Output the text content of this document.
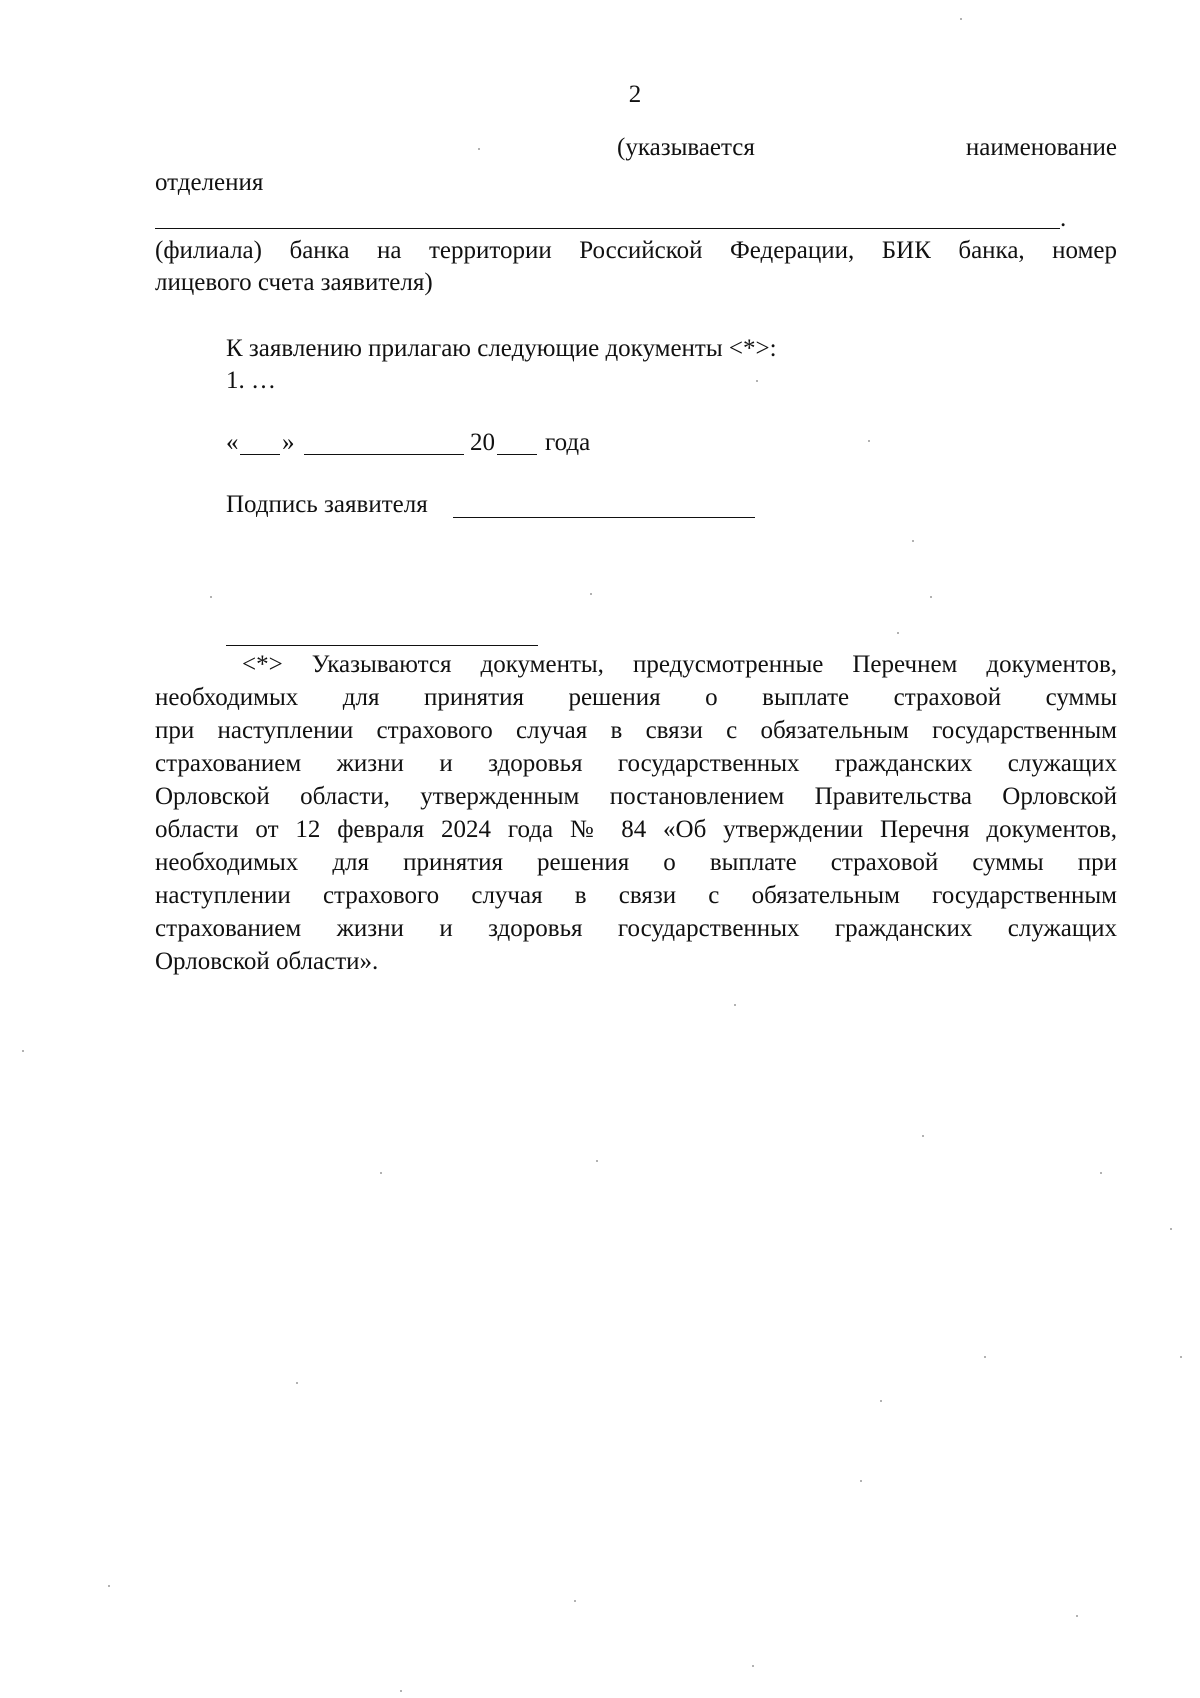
2
(указывается	наименование
отделения
.
(филиала) банка на территории Российской Федерации, БИК банка, номер
лицевого счета заявителя)
К заявлению прилагаю следующие документы <*>:
1. …
« »	20 года
Подпись заявителя
<*> Указываются документы, предусмотренные Перечнем документов,
необходимых для принятия решения о выплате страховой суммы
при наступлении страхового случая в связи с обязательным государственным
страхованием жизни и здоровья государственных гражданских служащих
Орловской области, утвержденным постановлением Правительства Орловской
области от 12 февраля 2024 года № 84 «Об утверждении Перечня документов,
необходимых для принятия решения о выплате страховой суммы при
наступлении страхового случая в связи с обязательным государственным
страхованием жизни и здоровья государственных гражданских служащих
Орловской области».
